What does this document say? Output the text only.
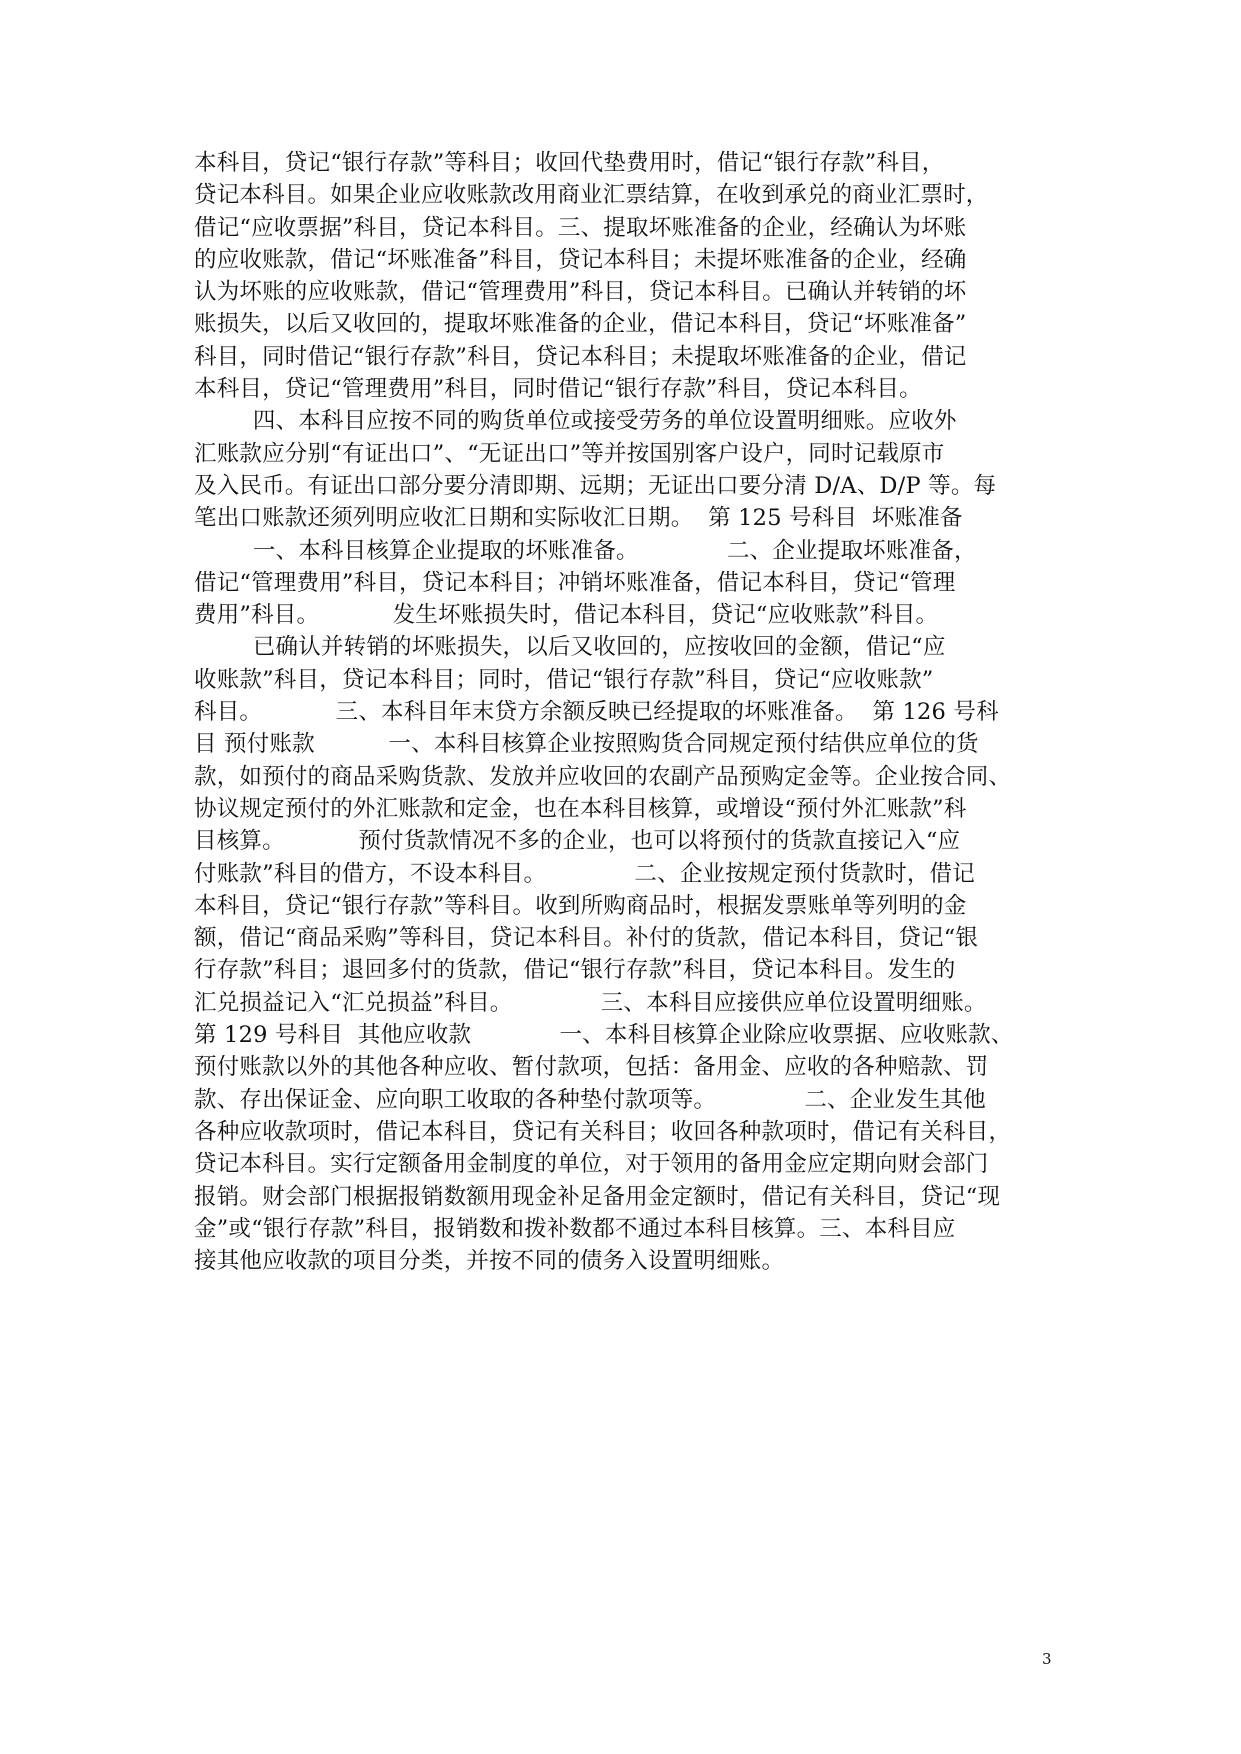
本科目，贷记“银行存款”等科目；收回代垫费用时，借记“银行存款”科目，
贷记本科目。如果企业应收账款改用商业汇票结算，在收到承兑的商业汇票时，
借记“应收票据”科目，贷记本科目。三、提取坏账准备的企业，经确认为坏账
的应收账款，借记“坏账准备”科目，贷记本科目；未提坏账准备的企业，经确
认为坏账的应收账款，借记“管理费用”科目，贷记本科目。已确认并转销的坏
账损失，以后又收回的，提取坏账准备的企业，借记本科目，贷记“坏账准备”
科目，同时借记“银行存款”科目，贷记本科目；未提取坏账准备的企业，借记
本科目，贷记“管理费用”科目，同时借记“银行存款”科目，贷记本科目。
四、本科目应按不同的购货单位或接受劳务的单位设置明细账。应收外
汇账款应分别“有证出口”、“无证出口”等并按国别客户设户，同时记载原市
及入民币。有证出口部分要分清即期、远期；无证出口要分清 D/A、D/P 等。每
笔出口账款还须列明应收汇日期和实际收汇日期。  第 125 号科目  坏账准备
一、本科目核算企业提取的坏账准备。            二、企业提取坏账准备，
借记“管理费用”科目，贷记本科目；冲销坏账准备，借记本科目，贷记“管理
费用”科目。          发生坏账损失时，借记本科目，贷记“应收账款”科目。
已确认并转销的坏账损失，以后又收回的，应按收回的金额，借记“应
收账款”科目，贷记本科目；同时，借记“银行存款”科目，贷记“应收账款”
科目。          三、本科目年末贷方余额反映已经提取的坏账准备。  第 126 号科
目 预付账款          一、本科目核算企业按照购货合同规定预付结供应单位的货
款，如预付的商品采购货款、发放并应收回的农副产品预购定金等。企业按合同、
协议规定预付的外汇账款和定金，也在本科目核算，或增设“预付外汇账款”科
目核算。          预付货款情况不多的企业，也可以将预付的货款直接记入“应
付账款”科目的借方，不设本科目。            二、企业按规定预付货款时，借记
本科目，贷记“银行存款”等科目。收到所购商品时，根据发票账单等列明的金
额，借记“商品采购”等科目，贷记本科目。补付的货款，借记本科目，贷记“银
行存款”科目；退回多付的货款，借记“银行存款”科目，贷记本科目。发生的
汇兑损益记入“汇兑损益”科目。            三、本科目应接供应单位设置明细账。
第 129 号科目  其他应收款            一、本科目核算企业除应收票据、应收账款、
预付账款以外的其他各种应收、暂付款项，包括：备用金、应收的各种赔款、罚
款、存出保证金、应向职工收取的各种垫付款项等。            二、企业发生其他
各种应收款项时，借记本科目，贷记有关科目；收回各种款项时，借记有关科目，
贷记本科目。实行定额备用金制度的单位，对于领用的备用金应定期向财会部门
报销。财会部门根据报销数额用现金补足备用金定额时，借记有关科目，贷记“现
金”或“银行存款”科目，报销数和拨补数都不通过本科目核算。三、本科目应
接其他应收款的项目分类，并按不同的债务入设置明细账。
3
